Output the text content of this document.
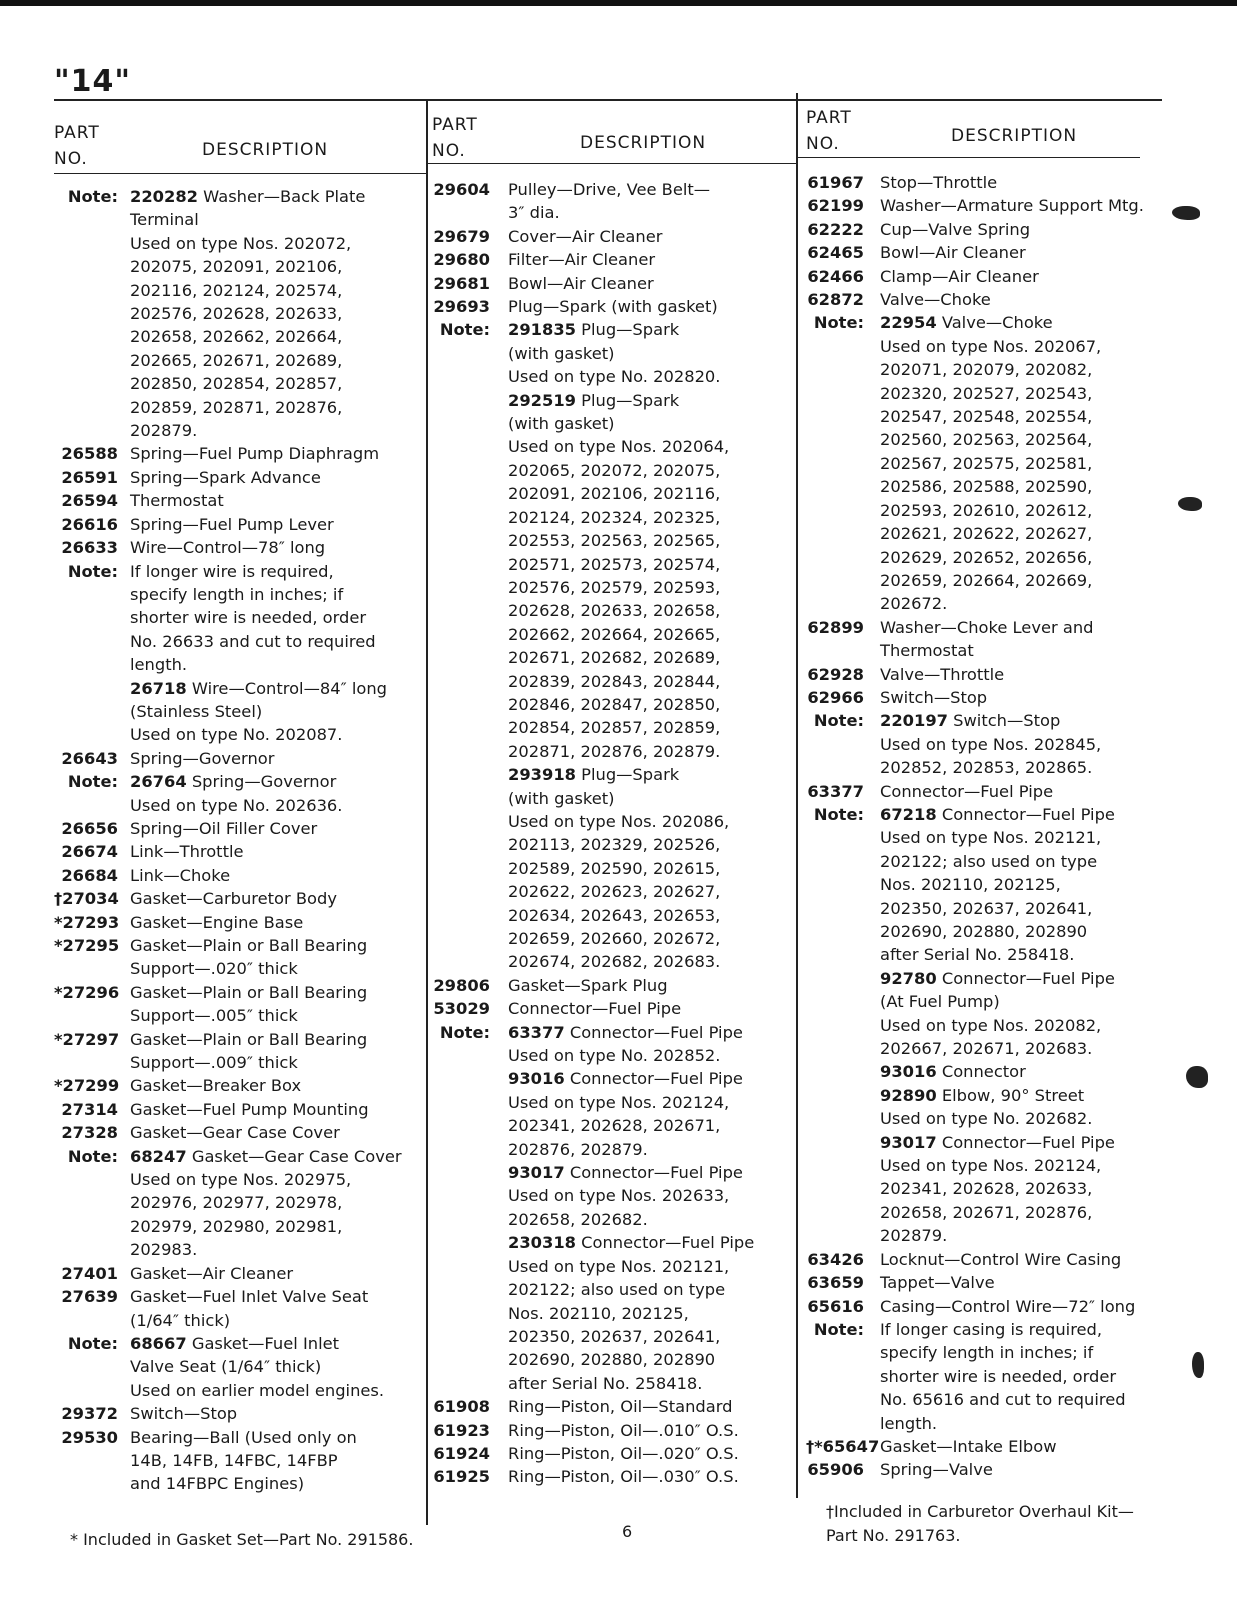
"14"
PART
NO.	DESCRIPTION
Note: 220282 Washer—Back Plate
Terminal
Used on type Nos. 202072,
202075, 202091, 202106,
202116, 202124, 202574,
202576, 202628, 202633,
202658, 202662, 202664,
202665, 202671, 202689,
202850, 202854, 202857,
202859, 202871, 202876,
202879.
26588 Spring—Fuel Pump Diaphragm
26591 Spring—Spark Advance
26594 Thermostat
26616 Spring—Fuel Pump Lever
26633 Wire—Control—78″ long
Note: If longer wire is required,
specify length in inches; if
shorter wire is needed, order
No. 26633 and cut to required
length.
26718 Wire—Control—84″ long
(Stainless Steel)
Used on type No. 202087.
26643 Spring—Governor
Note: 26764 Spring—Governor
Used on type No. 202636.
26656 Spring—Oil Filler Cover
26674 Link—Throttle
26684 Link—Choke
†27034 Gasket—Carburetor Body
*27293 Gasket—Engine Base
*27295 Gasket—Plain or Ball Bearing
Support—.020″ thick
*27296 Gasket—Plain or Ball Bearing
Support—.005″ thick
*27297 Gasket—Plain or Ball Bearing
Support—.009″ thick
*27299 Gasket—Breaker Box
27314 Gasket—Fuel Pump Mounting
27328 Gasket—Gear Case Cover
Note: 68247 Gasket—Gear Case Cover
Used on type Nos. 202975,
202976, 202977, 202978,
202979, 202980, 202981,
202983.
27401 Gasket—Air Cleaner
27639 Gasket—Fuel Inlet Valve Seat
(1/64″ thick)
Note: 68667 Gasket—Fuel Inlet
Valve Seat (1/64″ thick)
Used on earlier model engines.
29372 Switch—Stop
29530 Bearing—Ball (Used only on
14B, 14FB, 14FBC, 14FBP
and 14FBPC Engines)
PART NO.	DESCRIPTION
29604 Pulley—Drive, Vee Belt—
3″ dia.
29679 Cover—Air Cleaner
29680 Filter—Air Cleaner
29681 Bowl—Air Cleaner
29693 Plug—Spark (with gasket)
Note: 291835 Plug—Spark
(with gasket)
Used on type No. 202820.
292519 Plug—Spark
(with gasket)
Used on type Nos. 202064,
202065, 202072, 202075,
202091, 202106, 202116,
202124, 202324, 202325,
202553, 202563, 202565,
202571, 202573, 202574,
202576, 202579, 202593,
202628, 202633, 202658,
202662, 202664, 202665,
202671, 202682, 202689,
202839, 202843, 202844,
202846, 202847, 202850,
202854, 202857, 202859,
202871, 202876, 202879.
293918 Plug—Spark
(with gasket)
Used on type Nos. 202086,
202113, 202329, 202526,
202589, 202590, 202615,
202622, 202623, 202627,
202634, 202643, 202653,
202659, 202660, 202672,
202674, 202682, 202683.
29806 Gasket—Spark Plug
53029 Connector—Fuel Pipe
Note: 63377 Connector—Fuel Pipe
Used on type No. 202852.
93016 Connector—Fuel Pipe
Used on type Nos. 202124,
202341, 202628, 202671,
202876, 202879.
93017 Connector—Fuel Pipe
Used on type Nos. 202633,
202658, 202682.
230318 Connector—Fuel Pipe
Used on type Nos. 202121,
202122; also used on type
Nos. 202110, 202125,
202350, 202637, 202641,
202690, 202880, 202890
after Serial No. 258418.
61908 Ring—Piston, Oil—Standard
61923 Ring—Piston, Oil—.010″ O.S.
61924 Ring—Piston, Oil—.020″ O.S.
61925 Ring—Piston, Oil—.030″ O.S.
PART NO.	DESCRIPTION
61967 Stop—Throttle
62199 Washer—Armature Support Mtg.
62222 Cup—Valve Spring
62465 Bowl—Air Cleaner
62466 Clamp—Air Cleaner
62872 Valve—Choke
Note: 22954 Valve—Choke
Used on type Nos. 202067,
202071, 202079, 202082,
202320, 202527, 202543,
202547, 202548, 202554,
202560, 202563, 202564,
202567, 202575, 202581,
202586, 202588, 202590,
202593, 202610, 202612,
202621, 202622, 202627,
202629, 202652, 202656,
202659, 202664, 202669,
202672.
62899 Washer—Choke Lever and
Thermostat
62928 Valve—Throttle
62966 Switch—Stop
Note: 220197 Switch—Stop
Used on type Nos. 202845,
202852, 202853, 202865.
63377 Connector—Fuel Pipe
Note: 67218 Connector—Fuel Pipe
Used on type Nos. 202121,
202122; also used on type
Nos. 202110, 202125,
202350, 202637, 202641,
202690, 202880, 202890
after Serial No. 258418.
92780 Connector—Fuel Pipe
(At Fuel Pump)
Used on type Nos. 202082,
202667, 202671, 202683.
93016 Connector
92890 Elbow, 90° Street
Used on type No. 202682.
93017 Connector—Fuel Pipe
Used on type Nos. 202124,
202341, 202628, 202633,
202658, 202671, 202876,
202879.
63426 Locknut—Control Wire Casing
63659 Tappet—Valve
65616 Casing—Control Wire—72″ long
Note: If longer casing is required,
specify length in inches; if
shorter wire is needed, order
No. 65616 and cut to required
length.
†*65647 Gasket—Intake Elbow
65906 Spring—Valve
* Included in Gasket Set—Part No. 291586.	6
†Included in Carburetor Overhaul Kit—
Part No. 291763.
